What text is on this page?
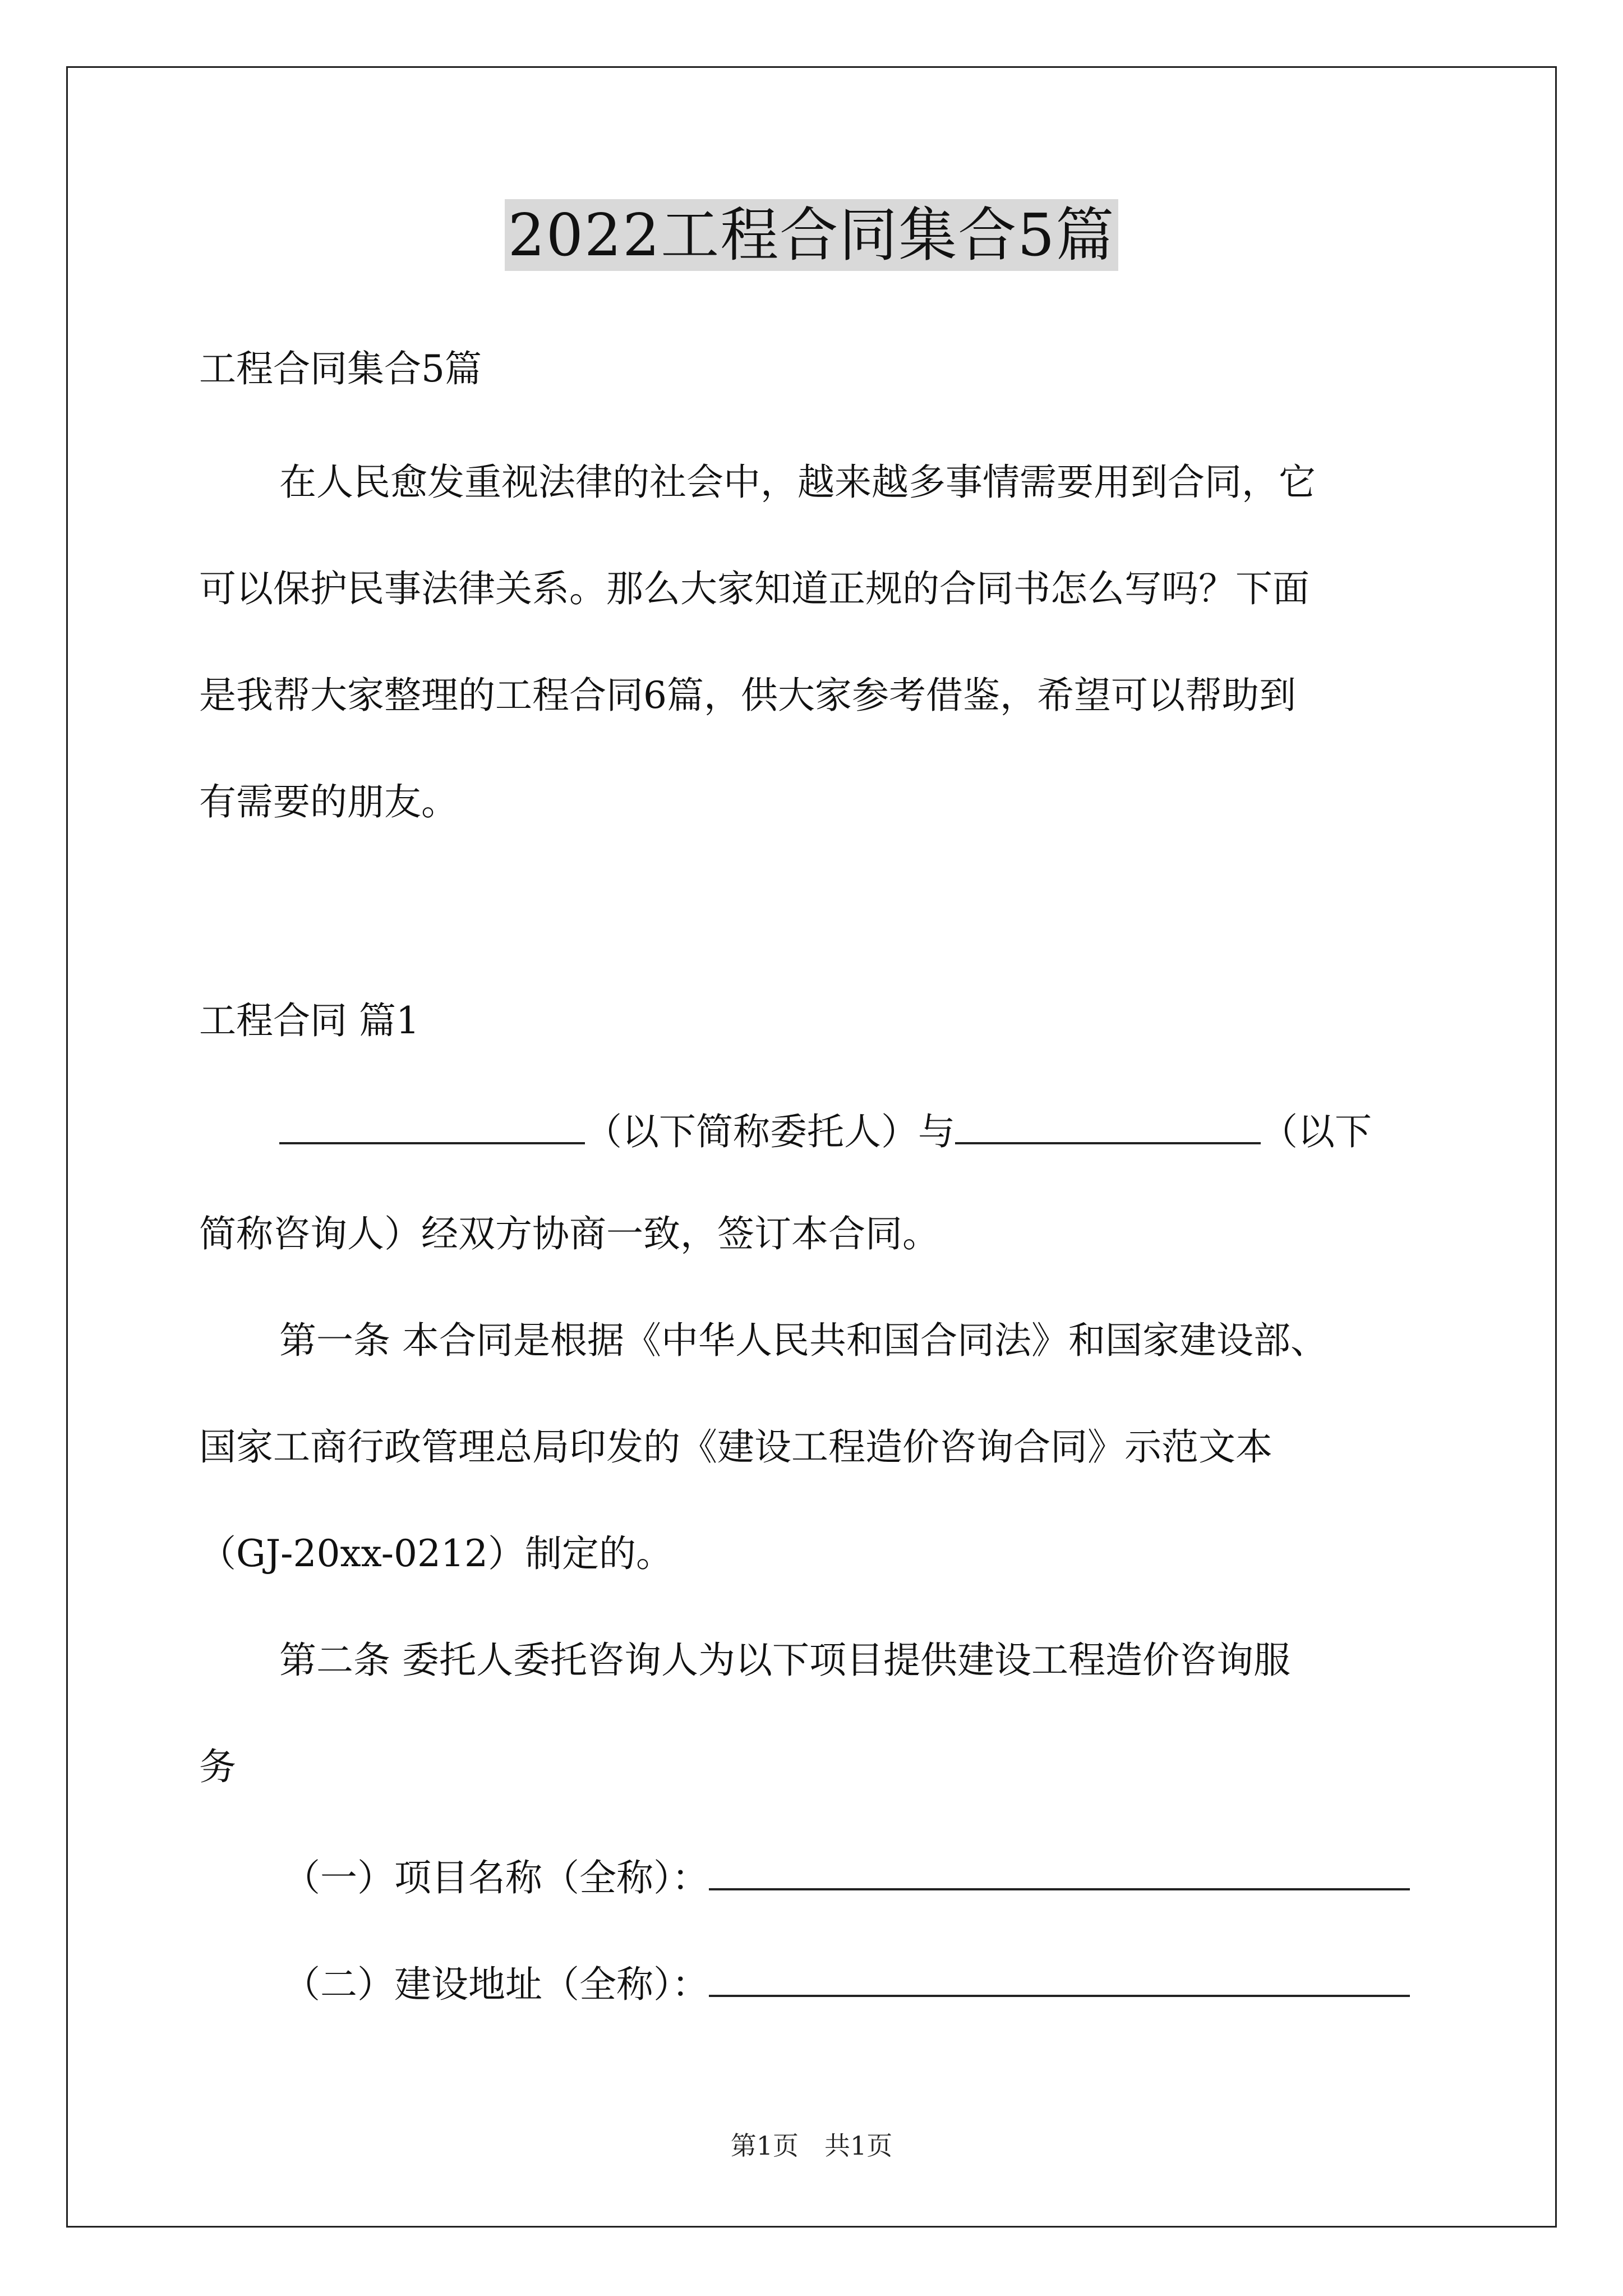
2022工程合同集合5篇
工程合同集合5篇
在人民愈发重视法律的社会中，越来越多事情需要用到合同，它
可以保护民事法律关系。那么大家知道正规的合同书怎么写吗？下面
是我帮大家整理的工程合同6篇，供大家参考借鉴，希望可以帮助到
有需要的朋友。
工程合同 篇1
（以下简称委托人）与	（以下
简称咨询人）经双方协商一致，签订本合同。
第一条 本合同是根据《中华人民共和国合同法》和国家建设部、
国家工商行政管理总局印发的《建设工程造价咨询合同》示范文本
（GJ-20xx-0212）制定的。
第二条 委托人委托咨询人为以下项目提供建设工程造价咨询服
务
（一）项目名称（全称）：
（二）建设地址（全称）：
第1页　共1页
